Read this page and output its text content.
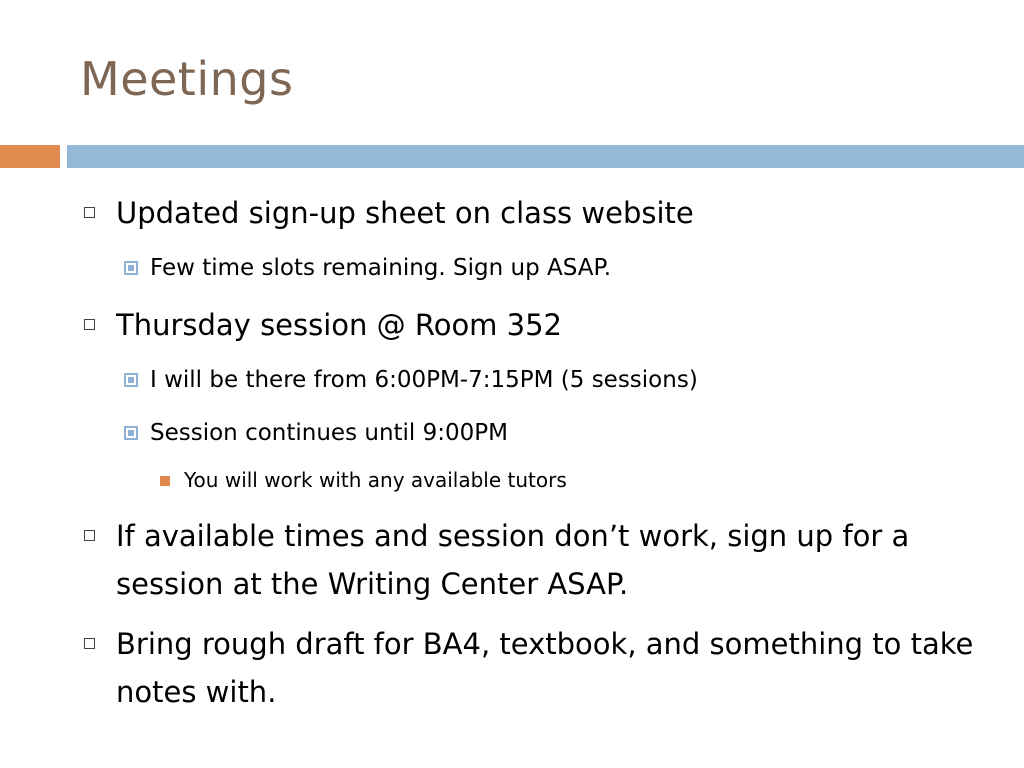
Meetings
Updated sign-up sheet on class website
Few time slots remaining. Sign up ASAP.
Thursday session @ Room 352
I will be there from 6:00PM-7:15PM (5 sessions)
Session continues until 9:00PM
You will work with any available tutors
If available times and session don’t work, sign up for a session at the Writing Center ASAP.
Bring rough draft for BA4, textbook, and something to take notes with.
